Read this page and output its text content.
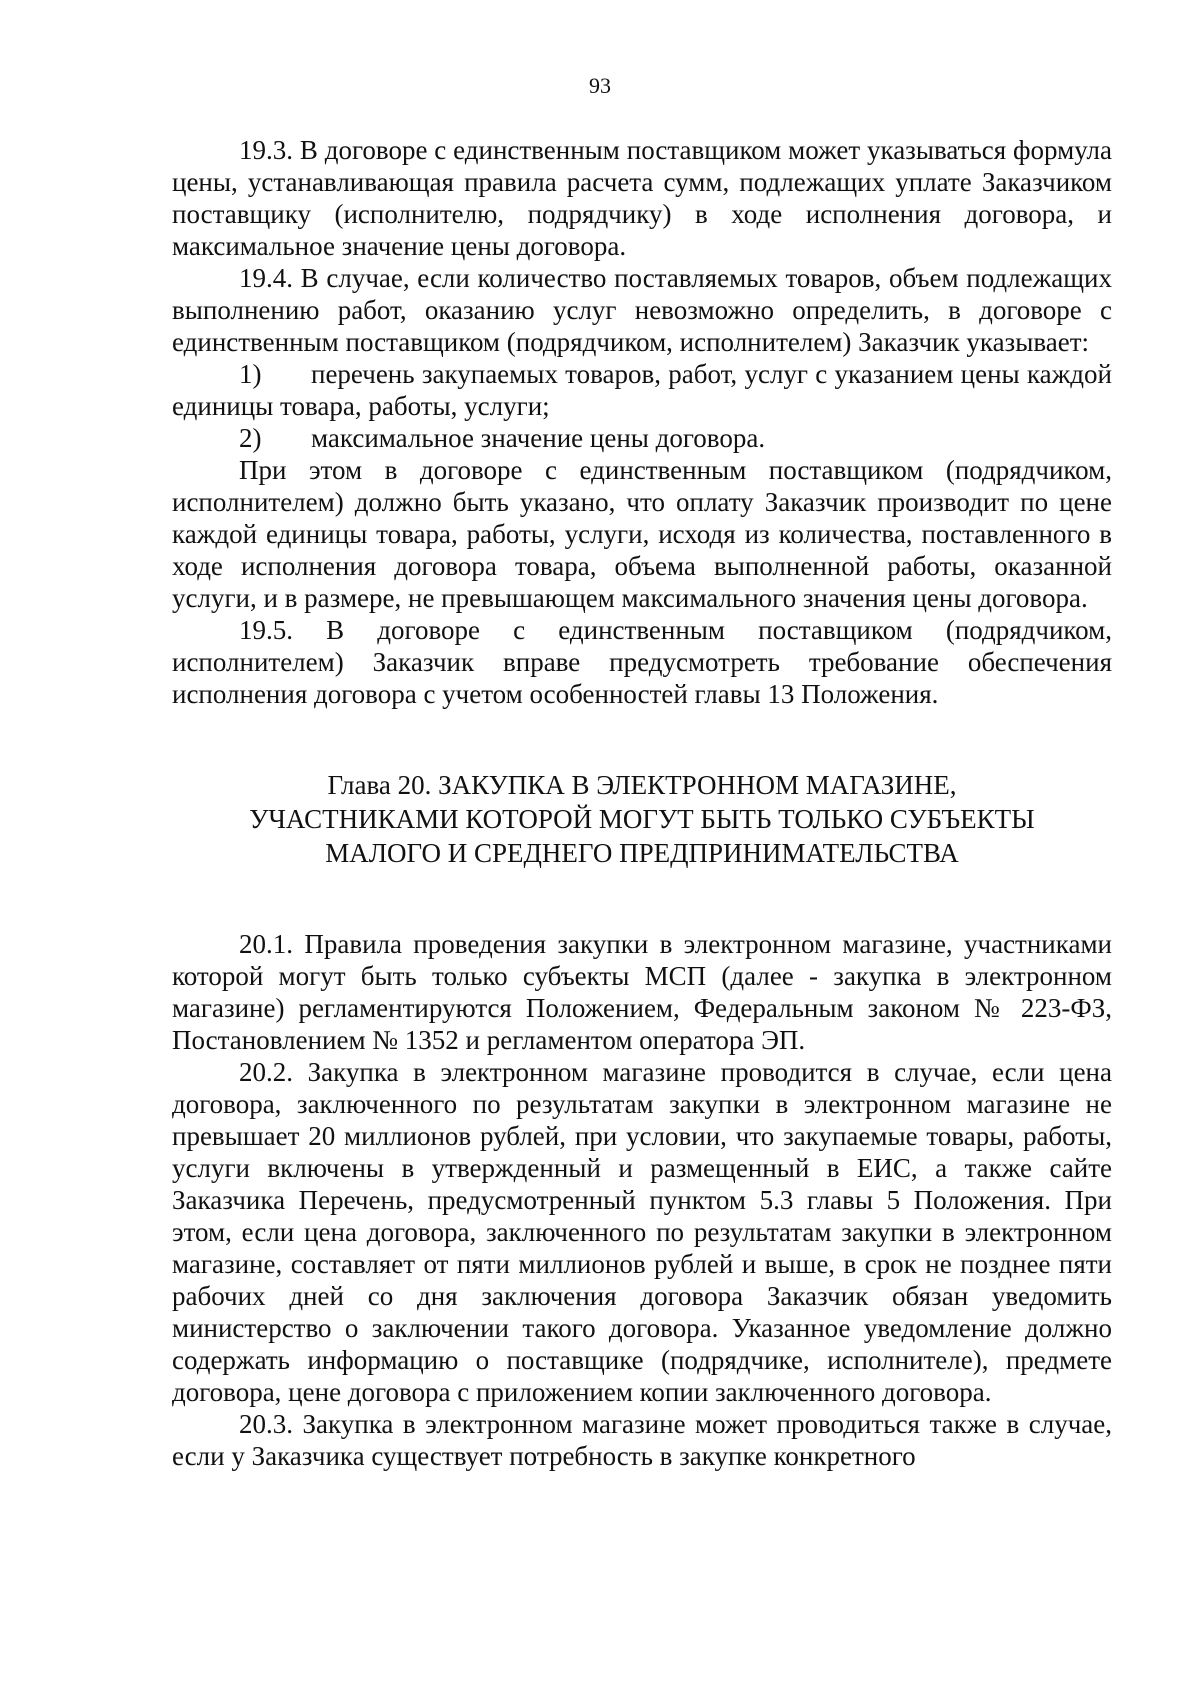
93

19.3. В договоре с единственным поставщиком может указываться формула цены, устанавливающая правила расчета сумм, подлежащих уплате Заказчиком поставщику (исполнителю, подрядчику) в ходе исполнения договора, и максимальное значение цены договора.

19.4. В случае, если количество поставляемых товаров, объем подлежащих выполнению работ, оказанию услуг невозможно определить, в договоре с единственным поставщиком (подрядчиком, исполнителем) Заказчик указывает:

1) перечень закупаемых товаров, работ, услуг с указанием цены каждой единицы товара, работы, услуги;

2) максимальное значение цены договора.

При этом в договоре с единственным поставщиком (подрядчиком, исполнителем) должно быть указано, что оплату Заказчик производит по цене каждой единицы товара, работы, услуги, исходя из количества, поставленного в ходе исполнения договора товара, объема выполненной работы, оказанной услуги, и в размере, не превышающем максимального значения цены договора.

19.5. В договоре с единственным поставщиком (подрядчиком, исполнителем) Заказчик вправе предусмотреть требование обеспечения исполнения договора с учетом особенностей главы 13 Положения.

Глава 20. ЗАКУПКА В ЭЛЕКТРОННОМ МАГАЗИНЕ,
УЧАСТНИКАМИ КОТОРОЙ МОГУТ БЫТЬ ТОЛЬКО СУБЪЕКТЫ
МАЛОГО И СРЕДНЕГО ПРЕДПРИНИМАТЕЛЬСТВА

20.1. Правила проведения закупки в электронном магазине, участниками которой могут быть только субъекты МСП (далее - закупка в электронном магазине) регламентируются Положением, Федеральным законом № 223-ФЗ, Постановлением № 1352 и регламентом оператора ЭП.

20.2. Закупка в электронном магазине проводится в случае, если цена договора, заключенного по результатам закупки в электронном магазине не превышает 20 миллионов рублей, при условии, что закупаемые товары, работы, услуги включены в утвержденный и размещенный в ЕИС, а также сайте Заказчика Перечень, предусмотренный пунктом 5.3 главы 5 Положения. При этом, если цена договора, заключенного по результатам закупки в электронном магазине, составляет от пяти миллионов рублей и выше, в срок не позднее пяти рабочих дней со дня заключения договора Заказчик обязан уведомить министерство о заключении такого договора. Указанное уведомление должно содержать информацию о поставщике (подрядчике, исполнителе), предмете договора, цене договора с приложением копии заключенного договора.

20.3. Закупка в электронном магазине может проводиться также в случае, если у Заказчика существует потребность в закупке конкретного
